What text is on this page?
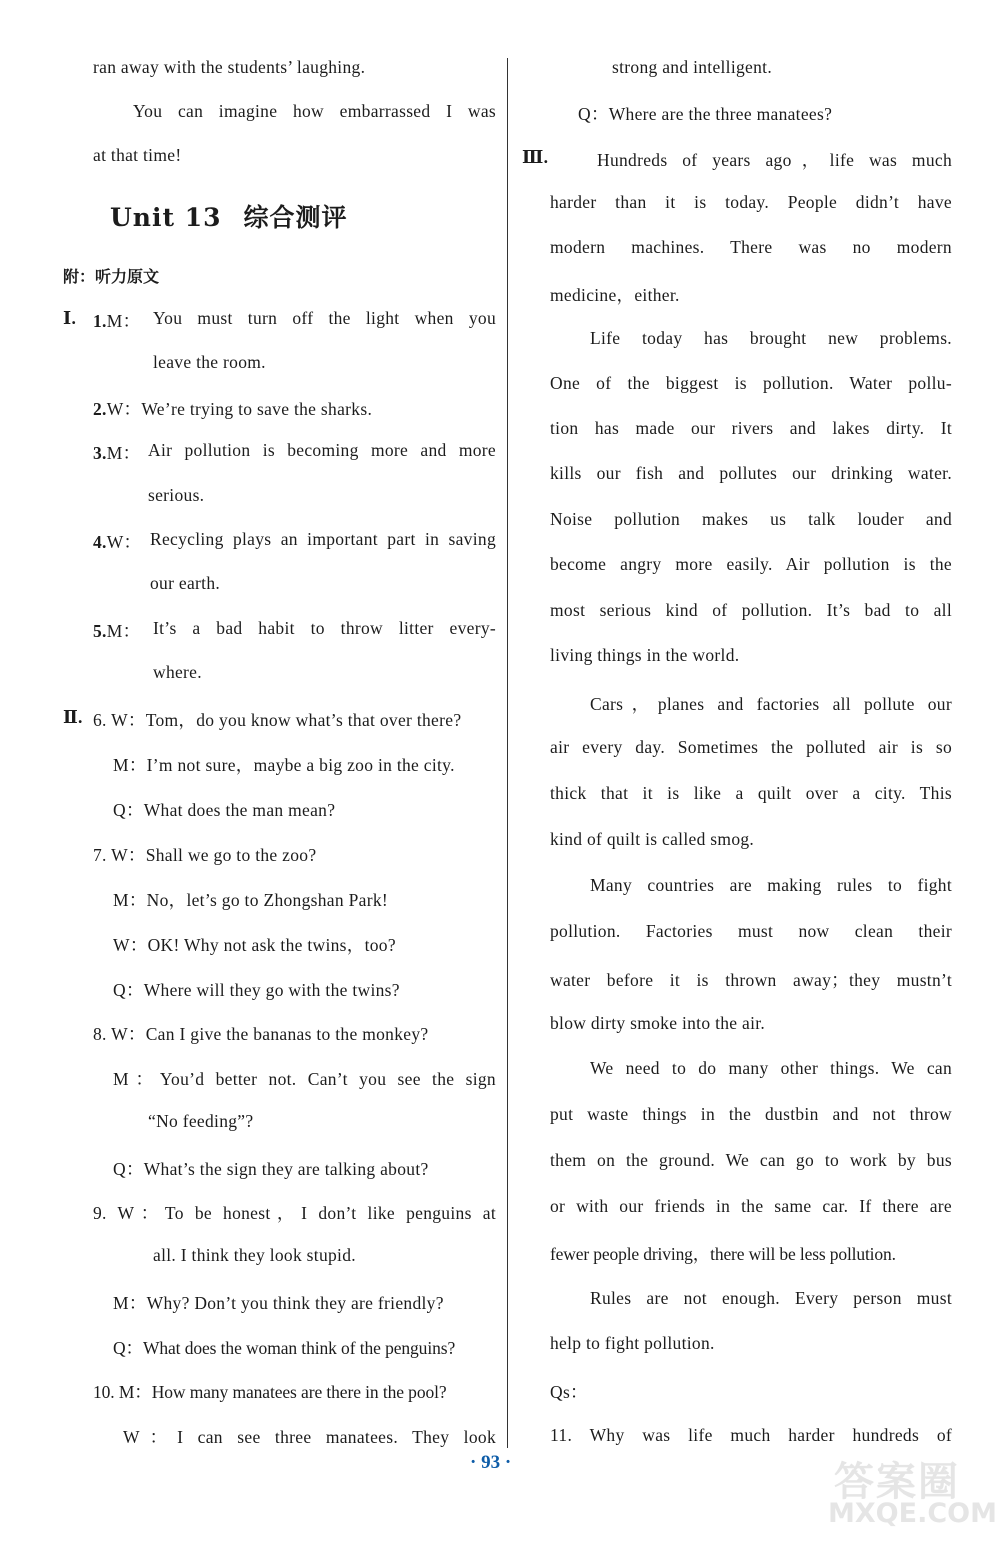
ran away with the students’ laughing.
You can imagine how embarrassed I was
at that time!
Unit 13 综合测评
附：听力原文
Ⅰ. 1.M： You must turn off the light when you
leave the room.
2.W：We’re trying to save the sharks.
3.M： Air pollution is becoming more and more
serious.
4.W： Recycling plays an important part in saving
our earth.
5.M： It’s a bad habit to throw litter every-
where.
Ⅱ. 6. W：Tom，do you know what’s that over there?
M：I’m not sure，maybe a big zoo in the city.
Q：What does the man mean?
7. W：Shall we go to the zoo?
M：No，let’s go to Zhongshan Park!
W：OK! Why not ask the twins，too?
Q：Where will they go with the twins?
8. W：Can I give the bananas to the monkey?
M：You’d better not. Can’t you see the sign
“No feeding”?
Q：What’s the sign they are talking about?
9. W：To be honest，I don’t like penguins at
all. I think they look stupid.
M：Why? Don’t you think they are friendly?
Q：What does the woman think of the penguins?
10. M：How many manatees are there in the pool?
W：I can see three manatees. They look
strong and intelligent.
Q：Where are the three manatees?
Ⅲ.	Hundreds of years ago，life was much
harder than it is today. People didn’t have
modern machines. There was no modern
medicine，either.
Life today has brought new problems.
One of the biggest is pollution. Water pollu-
tion has made our rivers and lakes dirty. It
kills our fish and pollutes our drinking water.
Noise pollution makes us talk louder and
become angry more easily. Air pollution is the
most serious kind of pollution. It’s bad to all
living things in the world.
Cars，planes and factories all pollute our
air every day. Sometimes the polluted air is so
thick that it is like a quilt over a city. This
kind of quilt is called smog.
Many countries are making rules to fight
pollution. Factories must now clean their
water before it is thrown away；they mustn’t
blow dirty smoke into the air.
We need to do many other things. We can
put waste things in the dustbin and not throw
them on the ground. We can go to work by bus
or with our friends in the same car. If there are
fewer people driving，there will be less pollution.
Rules are not enough. Every person must
help to fight pollution.
Qs：
11. Why was life much harder hundreds of
· 93 ·	答案圈
MXQE.COM
